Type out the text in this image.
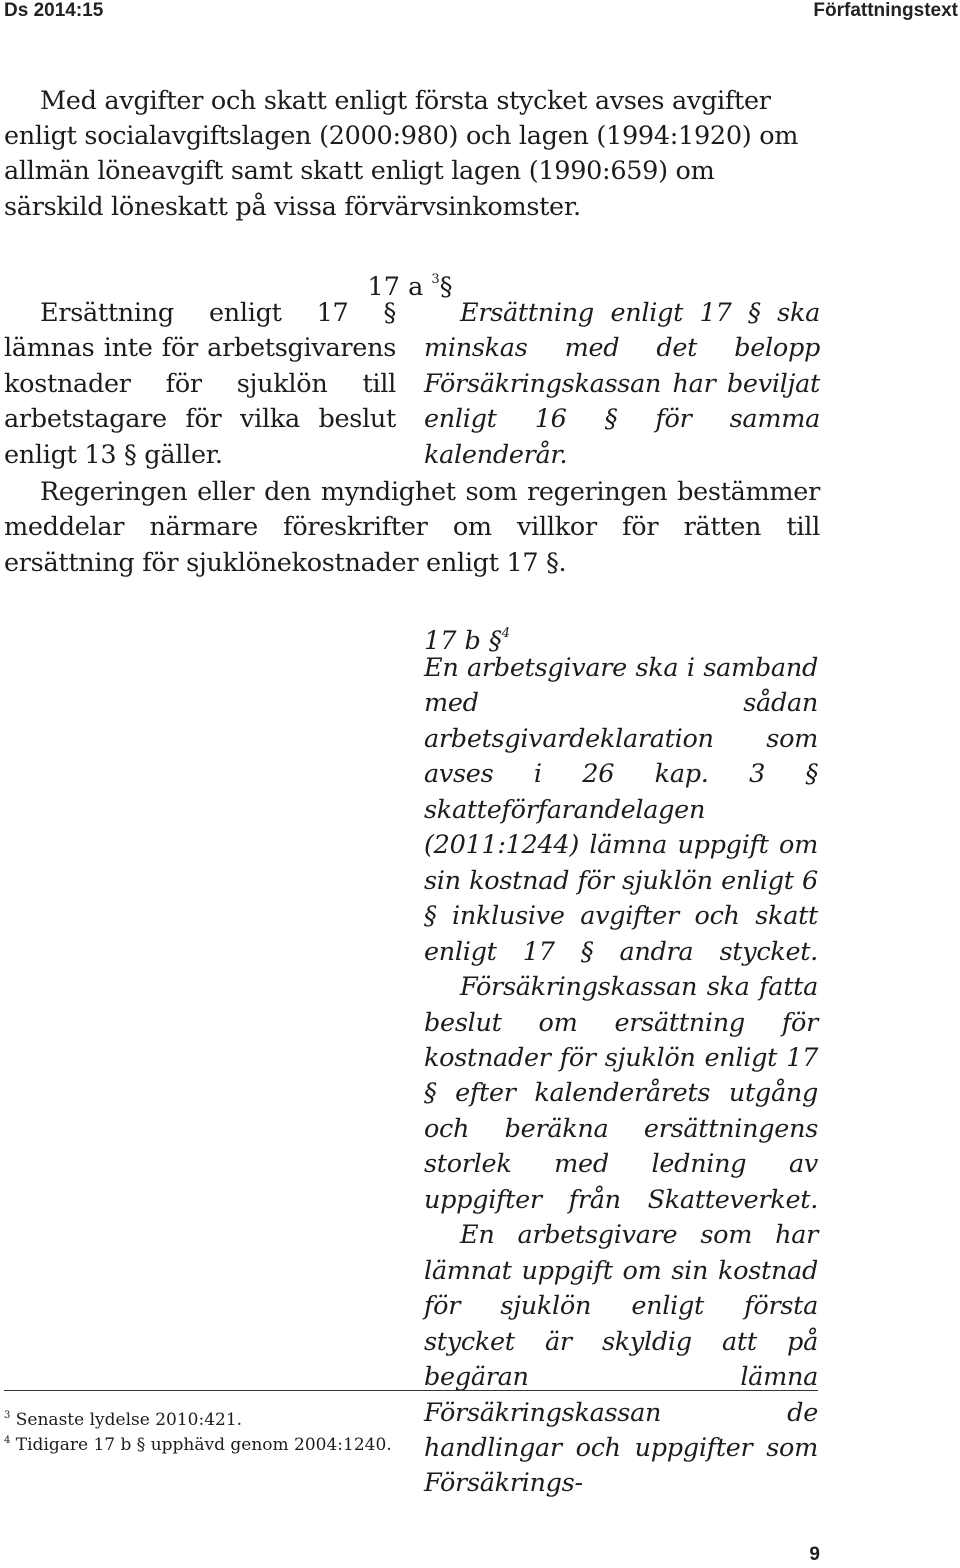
Ds 2014:15	Författningstext
Med avgifter och skatt enligt första stycket avses avgifter enligt socialavgiftslagen (2000:980) och lagen (1994:1920) om allmän löneavgift samt skatt enligt lagen (1990:659) om särskild löneskatt på vissa förvärvsinkomster.
17 a $^3$§
Ersättning enligt 17 § lämnas inte för arbetsgivarens kostnader för sjuklön till arbetstagare för vilka beslut enligt 13 § gäller.
Ersättning enligt 17 § ska minskas med det belopp Försäkringskassan har beviljat enligt 16 § för samma kalenderår.
Regeringen eller den myndighet som regeringen bestämmer meddelar närmare föreskrifter om villkor för rätten till ersättning för sjuklönekostnader enligt 17 §.
17 b §$^4$

En arbetsgivare ska i samband med sådan arbetsgivardeklaration som avses i 26 kap. 3 § skatteförfarandelagen (2011:1244) lämna uppgift om sin kostnad för sjuklön enligt 6 § inklusive avgifter och skatt enligt 17 § andra stycket.

Försäkringskassan ska fatta beslut om ersättning för kostnader för sjuklön enligt 17 § efter kalenderårets utgång och beräkna ersättningens storlek med ledning av uppgifter från Skatteverket.

En arbetsgivare som har lämnat uppgift om sin kostnad för sjuklön enligt första stycket är skyldig att på begäran lämna Försäkringskassan de handlingar och uppgifter som Försäkrings-

$^3$ Senaste lydelse 2010:421.
$^4$ Tidigare 17 b § upphävd genom 2004:1240.
9
